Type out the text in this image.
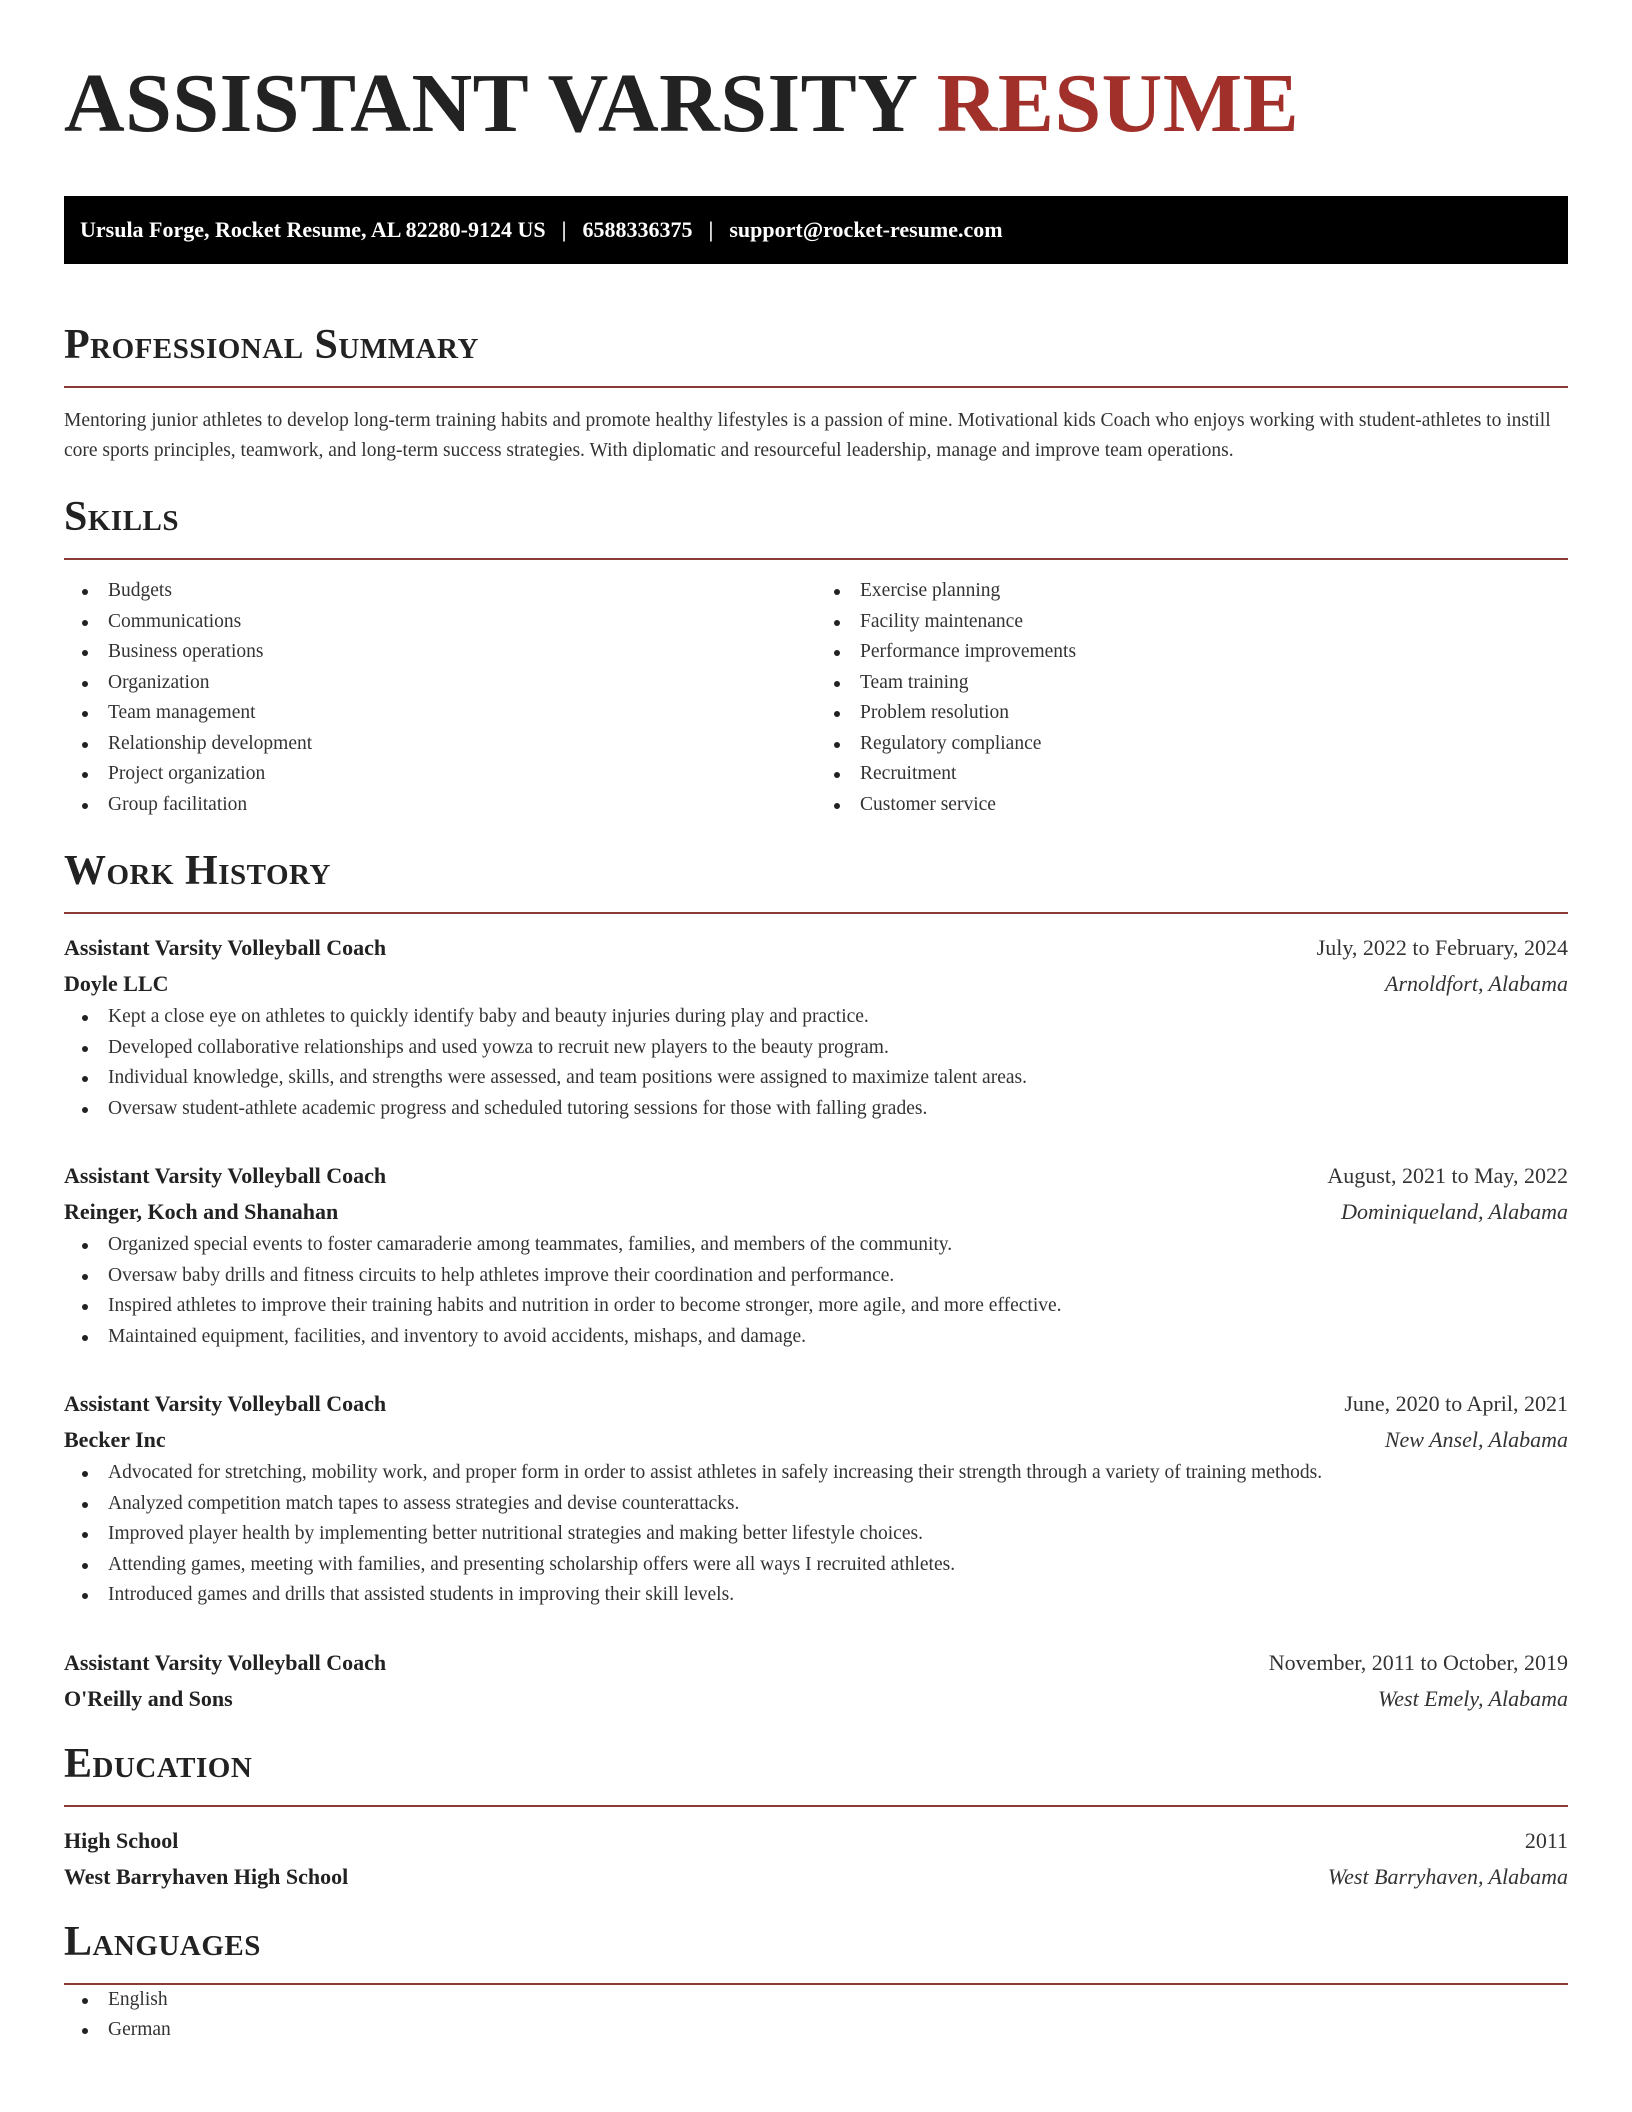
ASSISTANT VARSITY RESUME
Ursula Forge, Rocket Resume, AL 82280-9124 US | 6588336375 | support@rocket-resume.com
Professional Summary

Mentoring junior athletes to develop long-term training habits and promote healthy lifestyles is a passion of mine. Motivational kids Coach who enjoys working with student-athletes to instill core sports principles, teamwork, and long-term success strategies. With diplomatic and resourceful leadership, manage and improve team operations.

Skills
Budgets
Communications
Business operations
Organization
Team management
Relationship development
Project organization
Group facilitation
Exercise planning
Facility maintenance
Performance improvements
Team training
Problem resolution
Regulatory compliance
Recruitment
Customer service
Work History
Assistant Varsity Volleyball Coach	July, 2022 to February, 2024
Doyle LLC	Arnoldfort, Alabama
Kept a close eye on athletes to quickly identify baby and beauty injuries during play and practice.
Developed collaborative relationships and used yowza to recruit new players to the beauty program.
Individual knowledge, skills, and strengths were assessed, and team positions were assigned to maximize talent areas.
Oversaw student-athlete academic progress and scheduled tutoring sessions for those with falling grades.
Assistant Varsity Volleyball Coach	August, 2021 to May, 2022
Reinger, Koch and Shanahan	Dominiqueland, Alabama
Organized special events to foster camaraderie among teammates, families, and members of the community.
Oversaw baby drills and fitness circuits to help athletes improve their coordination and performance.
Inspired athletes to improve their training habits and nutrition in order to become stronger, more agile, and more effective.
Maintained equipment, facilities, and inventory to avoid accidents, mishaps, and damage.
Assistant Varsity Volleyball Coach	June, 2020 to April, 2021
Becker Inc	New Ansel, Alabama
Advocated for stretching, mobility work, and proper form in order to assist athletes in safely increasing their strength through a variety of training methods.
Analyzed competition match tapes to assess strategies and devise counterattacks.
Improved player health by implementing better nutritional strategies and making better lifestyle choices.
Attending games, meeting with families, and presenting scholarship offers were all ways I recruited athletes.
Introduced games and drills that assisted students in improving their skill levels.
Assistant Varsity Volleyball Coach	November, 2011 to October, 2019
O'Reilly and Sons	West Emely, Alabama
Education
High School	2011
West Barryhaven High School	West Barryhaven, Alabama
Languages
English
German
